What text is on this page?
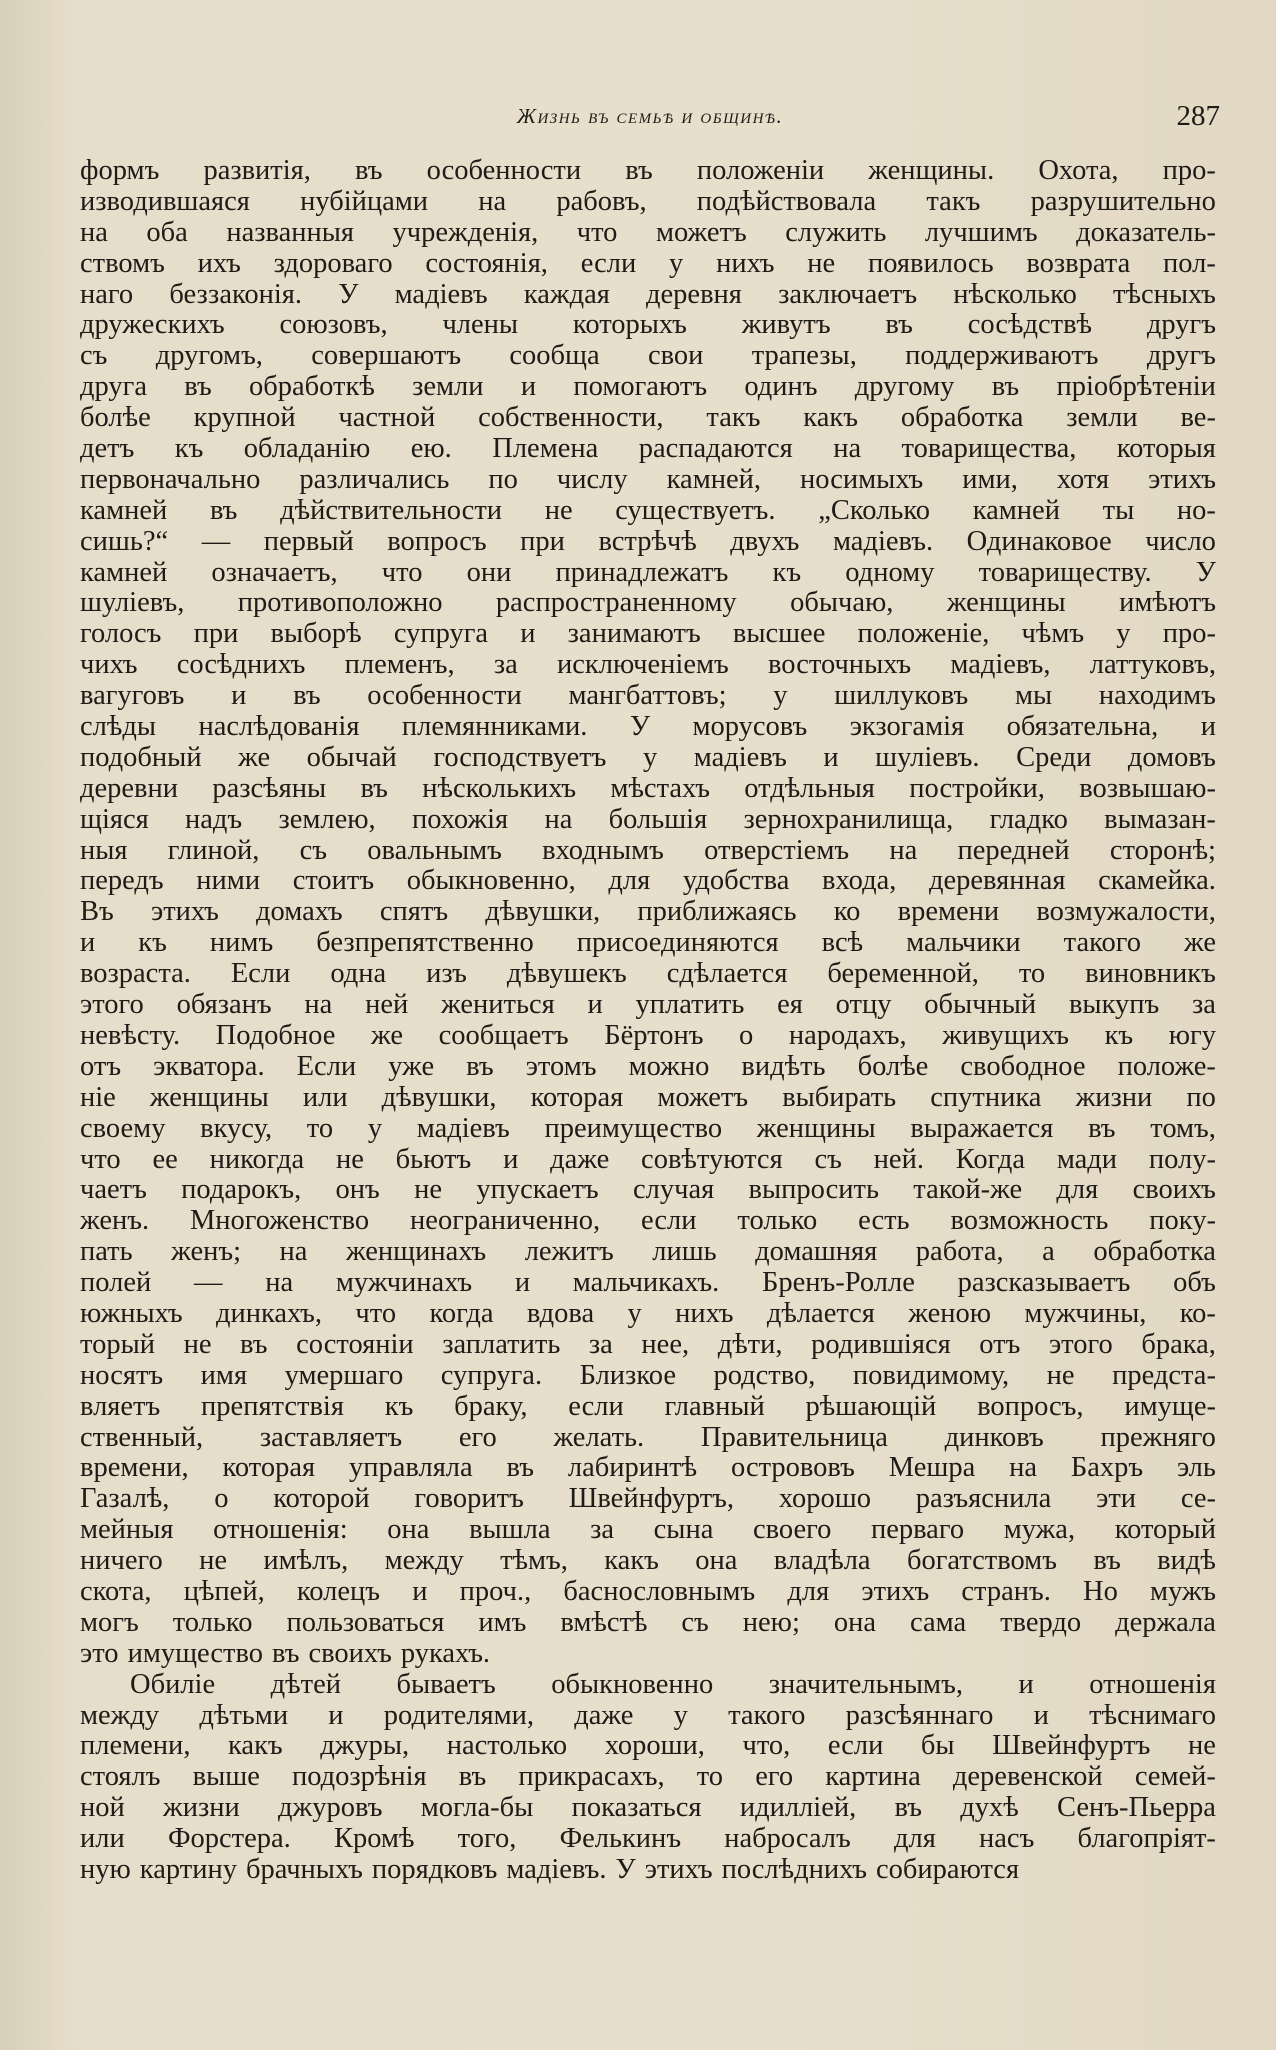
Жизнь въ семьѣ и общинѣ.	287
формъ развитія, въ особенности въ положеніи женщины. Охота, про-
изводившаяся нубійцами на рабовъ, подѣйствовала такъ разрушительно
на оба названныя учрежденія, что можетъ служить лучшимъ доказатель-
ствомъ ихъ здороваго состоянія, если у нихъ не появилось возврата пол-
наго беззаконія. У мадіевъ каждая деревня заключаетъ нѣсколько тѣсныхъ
дружескихъ союзовъ, члены которыхъ живутъ въ сосѣдствѣ другъ
съ другомъ, совершаютъ сообща свои трапезы, поддерживаютъ другъ
друга въ обработкѣ земли и помогаютъ одинъ другому въ пріобрѣтеніи
болѣе крупной частной собственности, такъ какъ обработка земли ве-
детъ къ обладанію ею. Племена распадаются на товарищества, которыя
первоначально различались по числу камней, носимыхъ ими, хотя этихъ
камней въ дѣйствительности не существуетъ. „Сколько камней ты но-
сишь?“ — первый вопросъ при встрѣчѣ двухъ мадіевъ. Одинаковое число
камней означаетъ, что они принадлежатъ къ одному товариществу. У
шуліевъ, противоположно распространенному обычаю, женщины имѣютъ
голосъ при выборѣ супруга и занимаютъ высшее положеніе, чѣмъ у про-
чихъ сосѣднихъ племенъ, за исключеніемъ восточныхъ мадіевъ, латтуковъ,
вагуговъ и въ особенности мангбаттовъ; у шиллуковъ мы находимъ
слѣды наслѣдованія племянниками. У морусовъ экзогамія обязательна, и
подобный же обычай господствуетъ у мадіевъ и шуліевъ. Среди домовъ
деревни разсѣяны въ нѣсколькихъ мѣстахъ отдѣльныя постройки, возвышаю-
щіяся надъ землею, похожія на большія зернохранилища, гладко вымазан-
ныя глиной, съ овальнымъ входнымъ отверстіемъ на передней сторонѣ;
передъ ними стоитъ обыкновенно, для удобства входа, деревянная скамейка.
Въ этихъ домахъ спятъ дѣвушки, приближаясь ко времени возмужалости,
и къ нимъ безпрепятственно присоединяются всѣ мальчики такого же
возраста. Если одна изъ дѣвушекъ сдѣлается беременной, то виновникъ
этого обязанъ на ней жениться и уплатить ея отцу обычный выкупъ за
невѣсту. Подобное же сообщаетъ Бёртонъ о народахъ, живущихъ къ югу
отъ экватора. Если уже въ этомъ можно видѣть болѣе свободное положе-
ніе женщины или дѣвушки, которая можетъ выбирать спутника жизни по
своему вкусу, то у мадіевъ преимущество женщины выражается въ томъ,
что ее никогда не бьютъ и даже совѣтуются съ ней. Когда мади полу-
чаетъ подарокъ, онъ не упускаетъ случая выпросить такой-же для своихъ
женъ. Многоженство неограниченно, если только есть возможность поку-
пать женъ; на женщинахъ лежитъ лишь домашняя работа, а обработка
полей — на мужчинахъ и мальчикахъ. Бренъ-Ролле разсказываетъ объ
южныхъ динкахъ, что когда вдова у нихъ дѣлается женою мужчины, ко-
торый не въ состояніи заплатить за нее, дѣти, родившіяся отъ этого брака,
носятъ имя умершаго супруга. Близкое родство, повидимому, не предста-
вляетъ препятствія къ браку, если главный рѣшающій вопросъ, имуще-
ственный, заставляетъ его желать. Правительница динковъ прежняго
времени, которая управляла въ лабиринтѣ острововъ Мешра на Бахръ эль
Газалѣ, о которой говоритъ Швейнфуртъ, хорошо разъяснила эти се-
мейныя отношенія: она вышла за сына своего перваго мужа, который
ничего не имѣлъ, между тѣмъ, какъ она владѣла богатствомъ въ видѣ
скота, цѣпей, колецъ и проч., баснословнымъ для этихъ странъ. Но мужъ
могъ только пользоваться имъ вмѣстѣ съ нею; она сама твердо держала
это имущество въ своихъ рукахъ.
Обиліе дѣтей бываетъ обыкновенно значительнымъ, и отношенія
между дѣтьми и родителями, даже у такого разсѣяннаго и тѣснимаго
племени, какъ джуры, настолько хороши, что, если бы Швейнфуртъ не
стоялъ выше подозрѣнія въ прикрасахъ, то его картина деревенской семей-
ной жизни джуровъ могла-бы показаться идилліей, въ духѣ Сенъ-Пьерра
или Форстера. Кромѣ того, Фелькинъ набросалъ для насъ благопріят-
ную картину брачныхъ порядковъ мадіевъ. У этихъ послѣднихъ собираются
